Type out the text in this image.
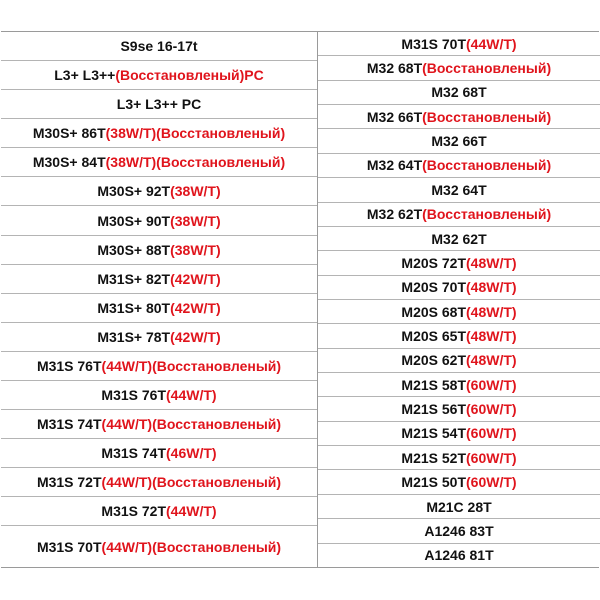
S9se 16-17t
L3+ L3++ (Восстановленый)PC
L3+ L3++ PC
M30S+ 86T (38W/T)(Восстановленый)
M30S+ 84T (38W/T)(Восстановленый)
M30S+ 92T (38W/T)
M30S+ 90T (38W/T)
M30S+ 88T (38W/T)
M31S+ 82T (42W/T)
M31S+ 80T (42W/T)
M31S+ 78T (42W/T)
M31S 76T (44W/T)(Восстановленый)
M31S 76T (44W/T)
M31S 74T (44W/T)(Восстановленый)
M31S 74T (46W/T)
M31S 72T (44W/T)(Восстановленый)
M31S 72T (44W/T)
M31S 70T (44W/T)(Восстановленый)
M31S 70T (44W/T)
M32 68T (Восстановленый)
M32 68T
M32 66T (Восстановленый)
M32 66T
M32 64T (Восстановленый)
M32 64T
M32 62T (Восстановленый)
M32 62T
M20S 72T (48W/T)
M20S 70T (48W/T)
M20S 68T (48W/T)
M20S 65T (48W/T)
M20S 62T (48W/T)
M21S 58T (60W/T)
M21S 56T (60W/T)
M21S 54T (60W/T)
M21S 52T (60W/T)
M21S 50T (60W/T)
M21C 28T
A1246 83T
A1246 81T
